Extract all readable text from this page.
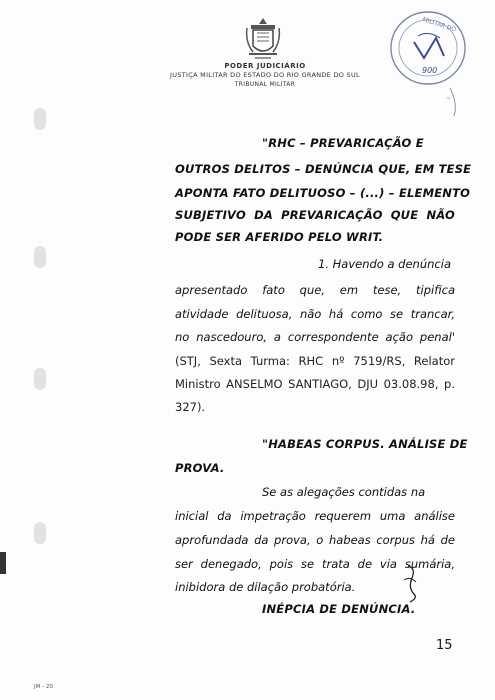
PODER JUDICIÁRIO
JUSTIÇA MILITAR DO ESTADO DO RIO GRANDE DO SUL
TRIBUNAL MILITAR
MILITAR DO
900
~
"RHC – PREVARICAÇÃO E
OUTROS DELITOS – DENÚNCIA QUE, EM TESE
APONTA FATO DELITUOSO – (...) – ELEMENTO
SUBJETIVO DA PREVARICAÇÃO QUE NÃO
PODE SER AFERIDO PELO WRIT.
1. Havendo a denúncia
apresentado fato que, em tese, tipifica
atividade delituosa, não há como se trancar,
no nascedouro, a correspondente ação penal'
(STJ, Sexta Turma: RHC nº 7519/RS, Relator
Ministro ANSELMO SANTIAGO, DJU 03.08.98, p.
327).
"HABEAS CORPUS. ANÁLISE DE
PROVA.
Se as alegações contidas na
inicial da impetração requerem uma análise
aprofundada da prova, o habeas corpus há de
ser denegado, pois se trata de via sumária,
inibidora de dilação probatória.
INÉPCIA DE DENÚNCIA.
15
JM - 20
